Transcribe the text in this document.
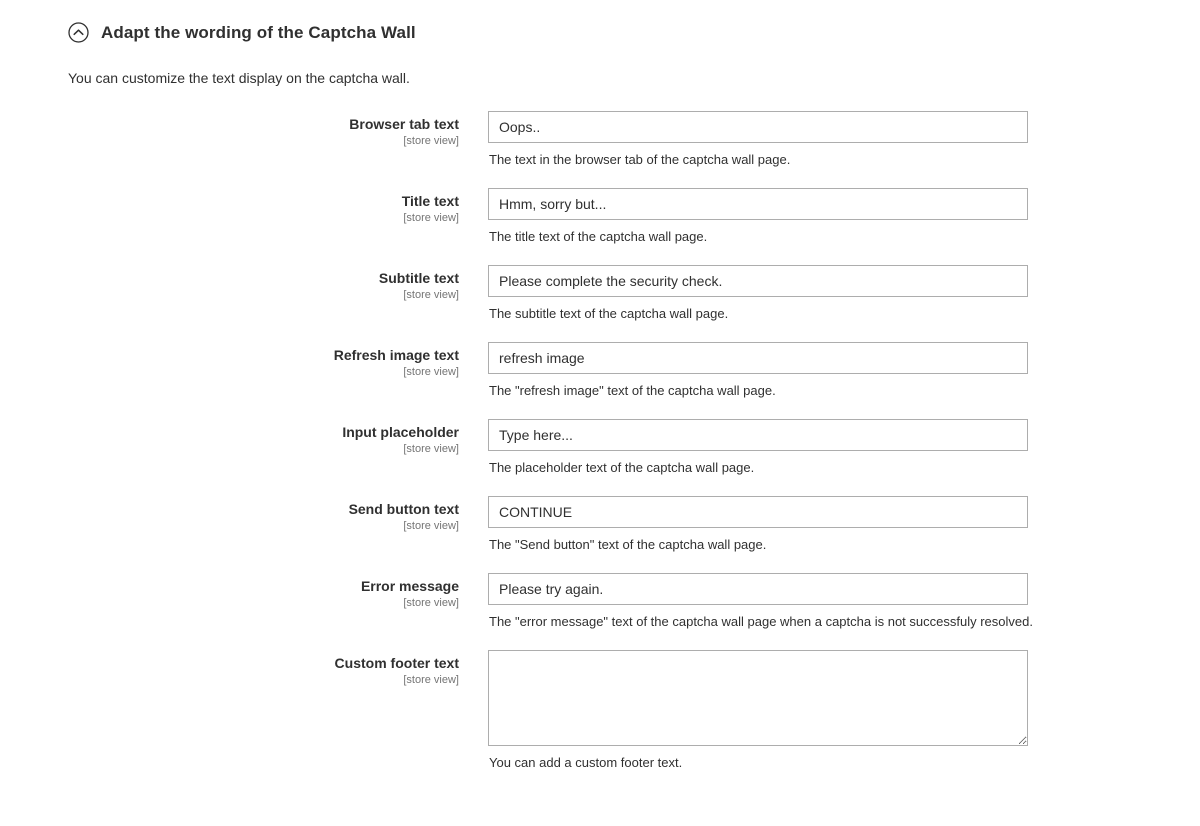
Adapt the wording of the Captcha Wall
You can customize the text display on the captcha wall.
Browser tab text
[store view]
Oops..
The text in the browser tab of the captcha wall page.
Title text
[store view]
Hmm, sorry but...
The title text of the captcha wall page.
Subtitle text
[store view]
Please complete the security check.
The subtitle text of the captcha wall page.
Refresh image text
[store view]
refresh image
The "refresh image" text of the captcha wall page.
Input placeholder
[store view]
Type here...
The placeholder text of the captcha wall page.
Send button text
[store view]
CONTINUE
The "Send button" text of the captcha wall page.
Error message
[store view]
Please try again.
The "error message" text of the captcha wall page when a captcha is not successfuly resolved.
Custom footer text
[store view]
You can add a custom footer text.
